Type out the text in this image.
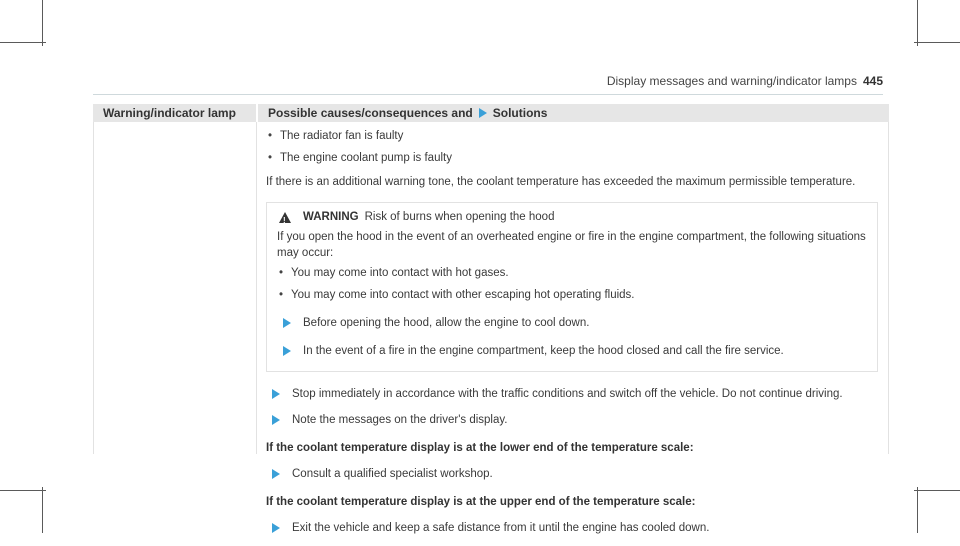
Display messages and warning/indicator lamps 445
Warning/indicator lamp	Possible causes/consequences and Solutions
• The radiator fan is faulty
• The engine coolant pump is faulty
If there is an additional warning tone, the coolant temperature has exceeded the maximum permissible temperature.
!
WARNING Risk of burns when opening the hood
If you open the hood in the event of an overheated engine or fire in the engine compartment, the following situations may occur:
• You may come into contact with hot gases.
• You may come into contact with other escaping hot operating fluids.
Before opening the hood, allow the engine to cool down.
In the event of a fire in the engine compartment, keep the hood closed and call the fire service.
Stop immediately in accordance with the traffic conditions and switch off the vehicle. Do not continue driving.
Note the messages on the driver's display.
If the coolant temperature display is at the lower end of the temperature scale:
Consult a qualified specialist workshop.
If the coolant temperature display is at the upper end of the temperature scale:
Exit the vehicle and keep a safe distance from it until the engine has cooled down.
